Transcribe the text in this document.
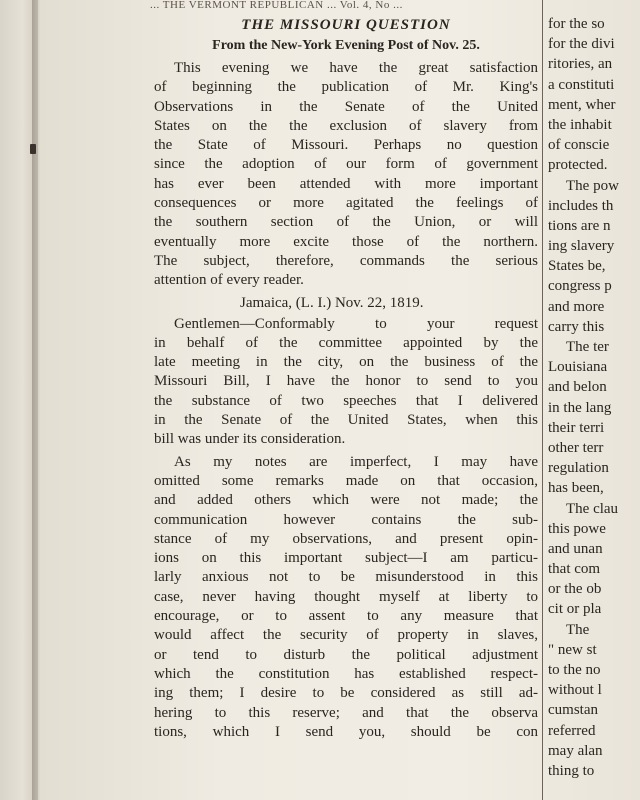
... THE VERMONT REPUBLICAN ... Vol. 4, No ...
THE MISSOURI QUESTION
From the New-York Evening Post of Nov. 25.
This evening we have the great satisfaction
of beginning the publication of Mr. King's
Observations in the Senate of the United
States on the the exclusion of slavery from
the State of Missouri. Perhaps no question
since the adoption of our form of government
has ever been attended with more important
consequences or more agitated the feelings of
the southern section of the Union, or will
eventually more excite those of the northern.
The subject, therefore, commands the serious
attention of every reader.
Jamaica, (L. I.) Nov. 22, 1819.
Gentlemen—Conformably to your request
in behalf of the committee appointed by the
late meeting in the city, on the business of the
Missouri Bill, I have the honor to send to you
the substance of two speeches that I delivered
in the Senate of the United States, when this
bill was under its consideration.
As my notes are imperfect, I may have
omitted some remarks made on that occasion,
and added others which were not made; the
communication however contains the sub-
stance of my observations, and present opin-
ions on this important subject—I am particu-
larly anxious not to be misunderstood in this
case, never having thought myself at liberty to
encourage, or to assent to any measure that
would affect the security of property in slaves,
or tend to disturb the political adjustment
which the constitution has established respect-
ing them; I desire to be considered as still ad-
hering to this reserve; and that the observa
tions, which I send you, should be con
for the so
for the divi
ritories, an
a constituti
ment, wher
the inhabit
of conscie
protected.
The pow
includes th
tions are n
ing slavery
States be,
congress p
and more
carry this
The ter
Louisiana
and belon
in the lang
their terri
other terr
regulation
has been,
The clau
this powe
and unan
that com
or the ob
cit or pla
The
" new st
to the no
without l
cumstan
referred
may alan
thing to
